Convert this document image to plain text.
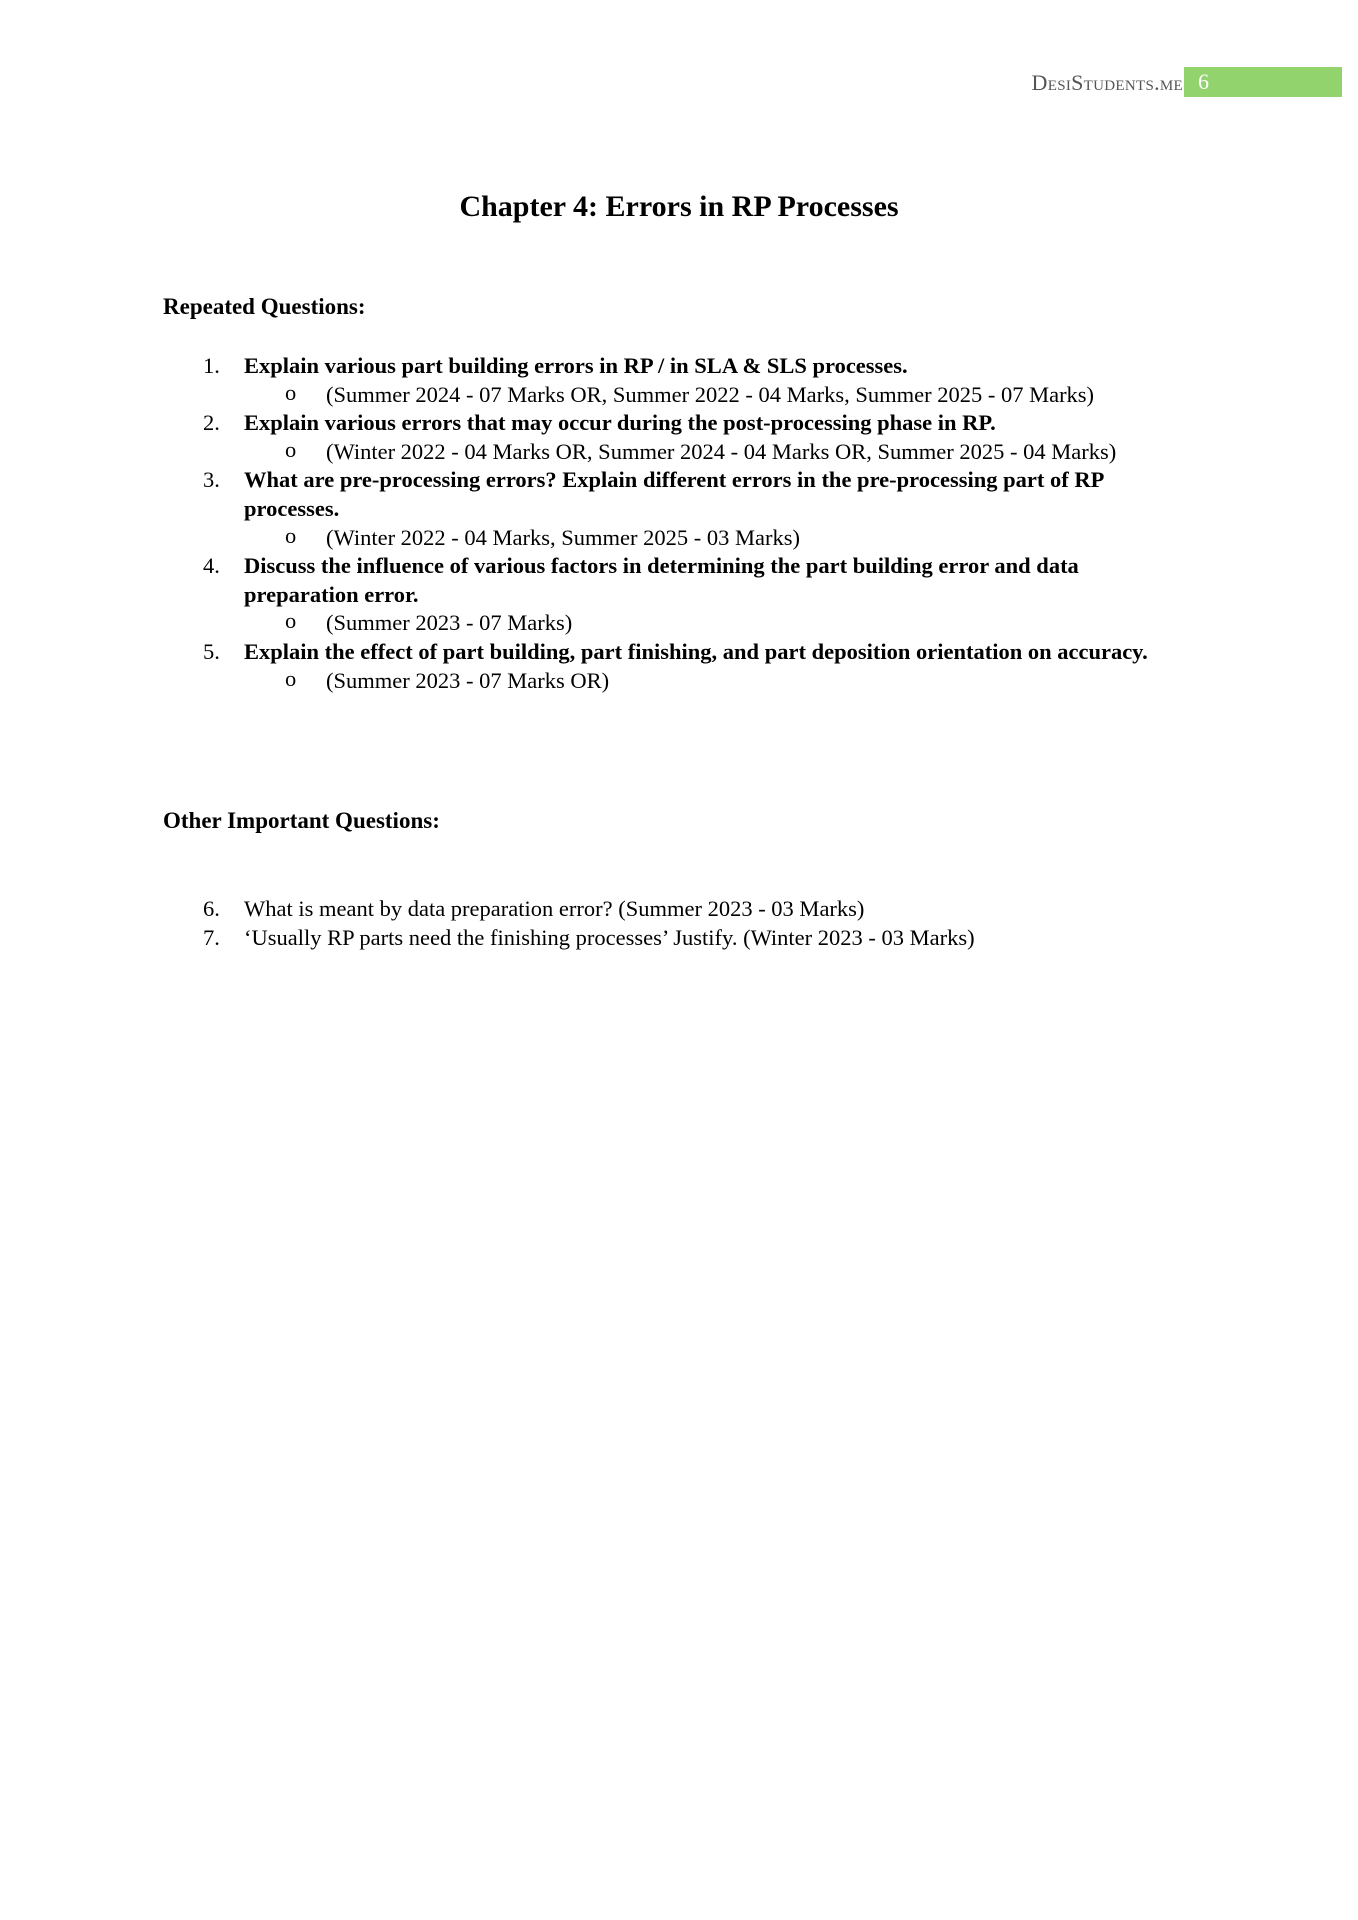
DesiStudents.me 6
Chapter 4: Errors in RP Processes
Repeated Questions:
1. Explain various part building errors in RP / in SLA & SLS processes.
o (Summer 2024 - 07 Marks OR, Summer 2022 - 04 Marks, Summer 2025 - 07 Marks)
2. Explain various errors that may occur during the post-processing phase in RP.
o (Winter 2022 - 04 Marks OR, Summer 2024 - 04 Marks OR, Summer 2025 - 04 Marks)
3. What are pre-processing errors? Explain different errors in the pre-processing part of RP processes.
o (Winter 2022 - 04 Marks, Summer 2025 - 03 Marks)
4. Discuss the influence of various factors in determining the part building error and data preparation error.
o (Summer 2023 - 07 Marks)
5. Explain the effect of part building, part finishing, and part deposition orientation on accuracy.
o (Summer 2023 - 07 Marks OR)
Other Important Questions:
6. What is meant by data preparation error? (Summer 2023 - 03 Marks)
7. ‘Usually RP parts need the finishing processes’ Justify. (Winter 2023 - 03 Marks)
